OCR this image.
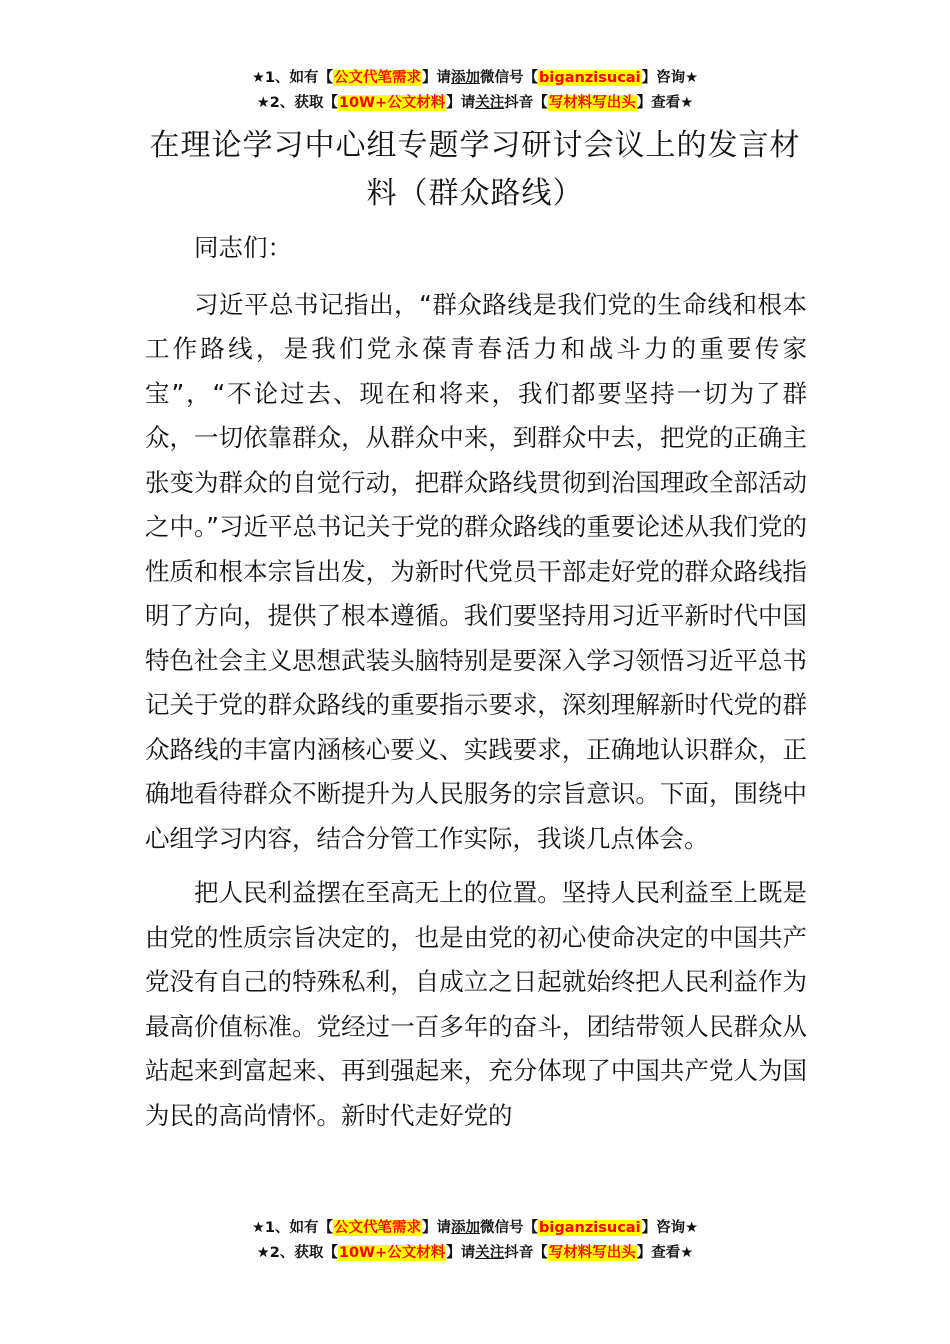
★1、如有【公文代笔需求】请添加微信号【biganzisucai】咨询★
★2、获取【10W+公文材料】请关注抖音【写材料写出头】查看★
在理论学习中心组专题学习研讨会议上的发言材料（群众路线）

同志们：

习近平总书记指出，“群众路线是我们党的生命线和根本工作路线，是我们党永葆青春活力和战斗力的重要传家宝”，“不论过去、现在和将来，我们都要坚持一切为了群众，一切依靠群众，从群众中来，到群众中去，把党的正确主张变为群众的自觉行动，把群众路线贯彻到治国理政全部活动之中。”习近平总书记关于党的群众路线的重要论述从我们党的性质和根本宗旨出发，为新时代党员干部走好党的群众路线指明了方向，提供了根本遵循。我们要坚持用习近平新时代中国特色社会主义思想武装头脑特别是要深入学习领悟习近平总书记关于党的群众路线的重要指示要求，深刻理解新时代党的群众路线的丰富内涵核心要义、实践要求，正确地认识群众，正确地看待群众不断提升为人民服务的宗旨意识。下面，围绕中心组学习内容，结合分管工作实际，我谈几点体会。

把人民利益摆在至高无上的位置。坚持人民利益至上既是由党的性质宗旨决定的，也是由党的初心使命决定的中国共产党没有自己的特殊私利，自成立之日起就始终把人民利益作为最高价值标准。党经过一百多年的奋斗，团结带领人民群众从站起来到富起来、再到强起来，充分体现了中国共产党人为国为民的高尚情怀。新时代走好党的

★1、如有【公文代笔需求】请添加微信号【biganzisucai】咨询★
★2、获取【10W+公文材料】请关注抖音【写材料写出头】查看★
